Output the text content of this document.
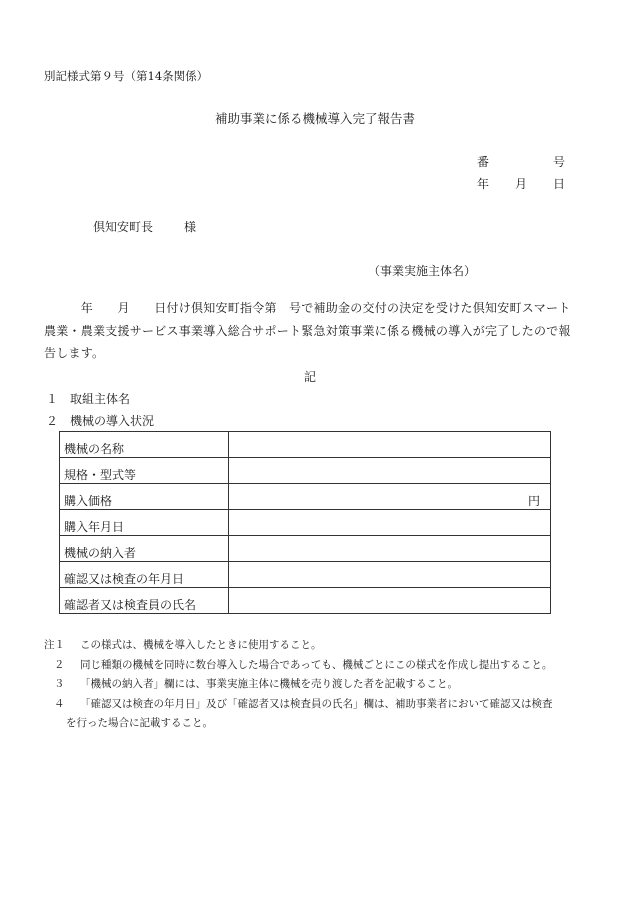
別記様式第９号（第14条関係）
補助事業に係る機械導入完了報告書
番	号
年 月 日
倶知安町長	様
（事業実施主体名）
　　　年　　月　　日付け倶知安町指令第　号で補助金の交付の決定を受けた倶知安町スマート農業・農業支援サービス事業導入総合サポート緊急対策事業に係る機械の導入が完了したので報告します。
記
１ 取組主体名
２ 機械の導入状況
機械の名称	
規格・型式等	
購入価格	円
購入年月日	
機械の納入者	
確認又は検査の年月日	
確認者又は検査員の氏名	
注１ この様式は、機械を導入したときに使用すること。
２ 同じ種類の機械を同時に数台導入した場合であっても、機械ごとにこの様式を作成し提出すること。
３ 「機械の納入者」欄には、事業実施主体に機械を売り渡した者を記載すること。
４ 「確認又は検査の年月日」及び「確認者又は検査員の氏名」欄は、補助事業者において確認又は検査
を行った場合に記載すること。
